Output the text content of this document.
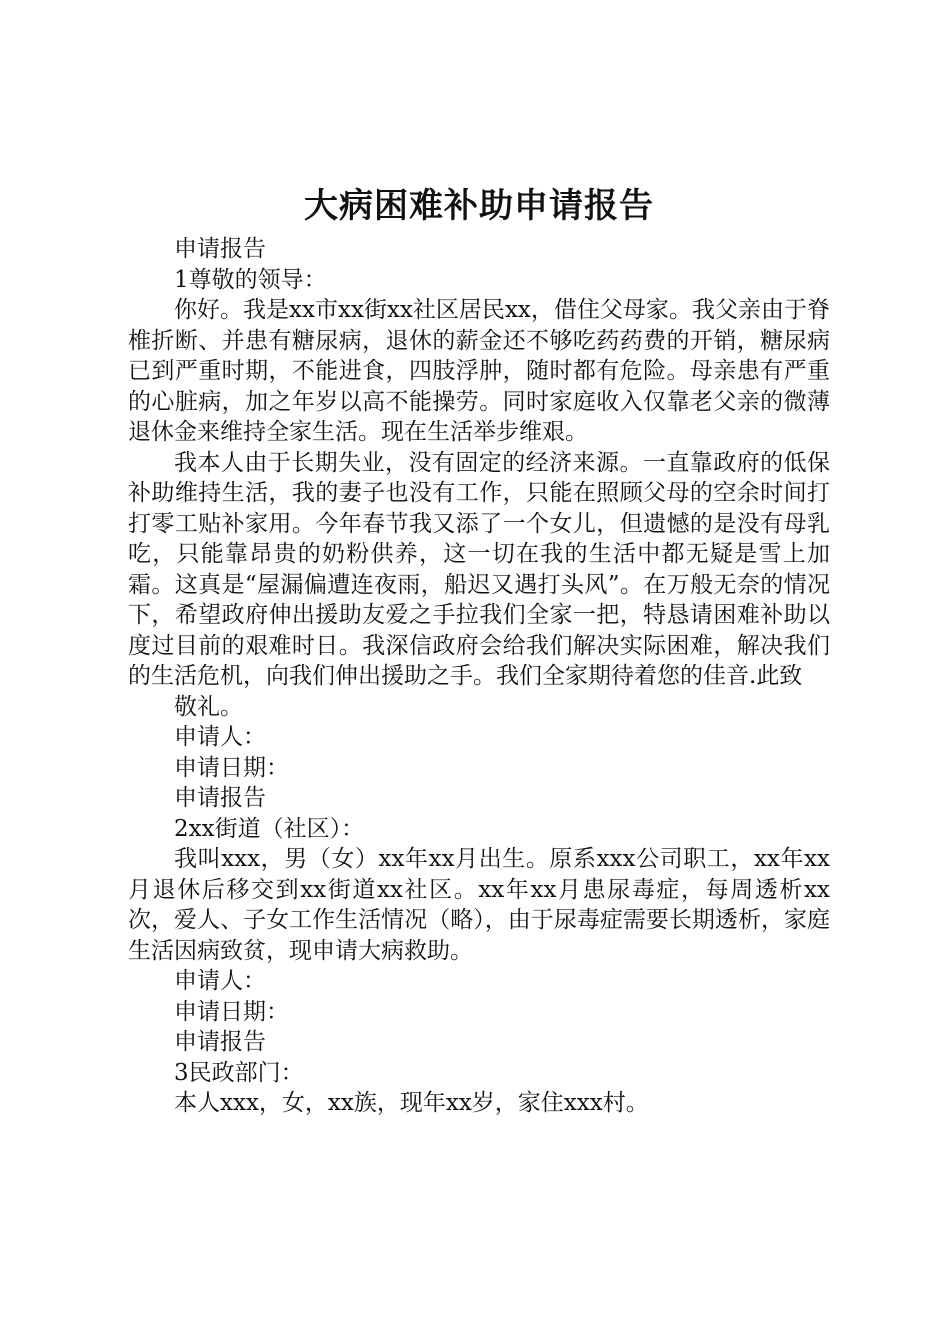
大病困难补助申请报告

申请报告

1尊敬的领导：

你好。我是xx市xx街xx社区居民xx，借住父母家。我父亲由于脊椎折断、并患有糖尿病，退休的薪金还不够吃药药费的开销，糖尿病已到严重时期，不能进食，四肢浮肿，随时都有危险。母亲患有严重的心脏病，加之年岁以高不能操劳。同时家庭收入仅靠老父亲的微薄退休金来维持全家生活。现在生活举步维艰。

我本人由于长期失业，没有固定的经济来源。一直靠政府的低保补助维持生活，我的妻子也没有工作，只能在照顾父母的空余时间打打零工贴补家用。今年春节我又添了一个女儿，但遗憾的是没有母乳吃，只能靠昂贵的奶粉供养，这一切在我的生活中都无疑是雪上加霜。这真是“屋漏偏遭连夜雨，船迟又遇打头风”。在万般无奈的情况下，希望政府伸出援助友爱之手拉我们全家一把，特恳请困难补助以度过目前的艰难时日。我深信政府会给我们解决实际困难，解决我们的生活危机，向我们伸出援助之手。我们全家期待着您的佳音.此致

敬礼。

申请人：

申请日期：

申请报告

2xx街道（社区）：

我叫xxx，男（女）xx年xx月出生。原系xxx公司职工，xx年xx月退休后移交到xx街道xx社区。xx年xx月患尿毒症，每周透析xx次，爱人、子女工作生活情况（略），由于尿毒症需要长期透析，家庭生活因病致贫，现申请大病救助。

申请人：

申请日期：

申请报告

3民政部门：

本人xxx，女，xx族，现年xx岁，家住xxx村。
